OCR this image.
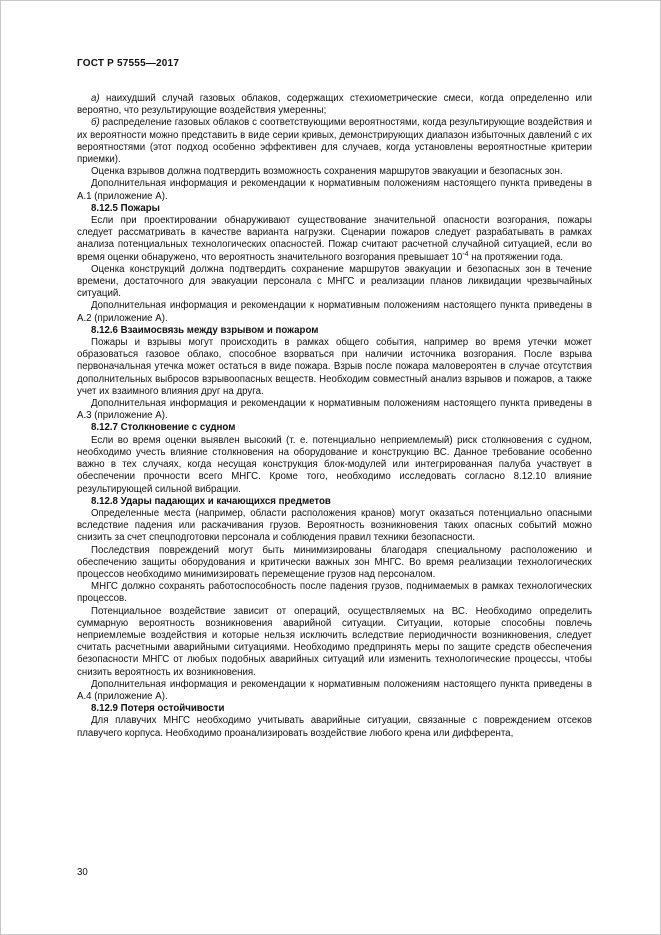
ГОСТ Р 57555—2017

а) наихудший случай газовых облаков, содержащих стехиометрические смеси, когда определенно или вероятно, что результирующие воздействия умеренны;

б) распределение газовых облаков с соответствующими вероятностями, когда результирующие воздействия и их вероятности можно представить в виде серии кривых, демонстрирующих диапазон избыточных давлений с их вероятностями (этот подход особенно эффективен для случаев, когда установлены вероятностные критерии приемки).

Оценка взрывов должна подтвердить возможность сохранения маршрутов эвакуации и безопасных зон.

Дополнительная информация и рекомендации к нормативным положениям настоящего пункта приведены в А.1 (приложение А).

8.12.5 Пожары

Если при проектировании обнаруживают существование значительной опасности возгорания, пожары следует рассматривать в качестве варианта нагрузки. Сценарии пожаров следует разрабатывать в рамках анализа потенциальных технологических опасностей. Пожар считают расчетной случайной ситуацией, если во время оценки обнаружено, что вероятность значительного возгорания превышает $10^{-4}$ на протяжении года.

Оценка конструкций должна подтвердить сохранение маршрутов эвакуации и безопасных зон в течение времени, достаточного для эвакуации персонала с МНГС и реализации планов ликвидации чрезвычайных ситуаций.

Дополнительная информация и рекомендации к нормативным положениям настоящего пункта приведены в А.2 (приложение А).

8.12.6 Взаимосвязь между взрывом и пожаром

Пожары и взрывы могут происходить в рамках общего события, например во время утечки может образоваться газовое облако, способное взорваться при наличии источника возгорания. После взрыва первоначальная утечка может остаться в виде пожара. Взрыв после пожара маловероятен в случае отсутствия дополнительных выбросов взрывоопасных веществ. Необходим совместный анализ взрывов и пожаров, а также учет их взаимного влияния друг на друга.

Дополнительная информация и рекомендации к нормативным положениям настоящего пункта приведены в А.3 (приложение А).

8.12.7 Столкновение с судном

Если во время оценки выявлен высокий (т. е. потенциально неприемлемый) риск столкновения с судном, необходимо учесть влияние столкновения на оборудование и конструкцию ВС. Данное требование особенно важно в тех случаях, когда несущая конструкция блок-модулей или интегрированная палуба участвует в обеспечении прочности всего МНГС. Кроме того, необходимо исследовать согласно 8.12.10 влияние результирующей сильной вибрации.

8.12.8 Удары падающих и качающихся предметов

Определенные места (например, области расположения кранов) могут оказаться потенциально опасными вследствие падения или раскачивания грузов. Вероятность возникновения таких опасных событий можно снизить за счет спецподготовки персонала и соблюдения правил техники безопасности.

Последствия повреждений могут быть минимизированы благодаря специальному расположению и обеспечению защиты оборудования и критически важных зон МНГС. Во время реализации технологических процессов необходимо минимизировать перемещение грузов над персоналом.

МНГС должно сохранять работоспособность после падения грузов, поднимаемых в рамках технологических процессов.

Потенциальное воздействие зависит от операций, осуществляемых на ВС. Необходимо определить суммарную вероятность возникновения аварийной ситуации. Ситуации, которые способны повлечь неприемлемые воздействия и которые нельзя исключить вследствие периодичности возникновения, следует считать расчетными аварийными ситуациями. Необходимо предпринять меры по защите средств обеспечения безопасности МНГС от любых подобных аварийных ситуаций или изменить технологические процессы, чтобы снизить вероятность их возникновения.

Дополнительная информация и рекомендации к нормативным положениям настоящего пункта приведены в А.4 (приложение А).

8.12.9 Потеря остойчивости

Для плавучих МНГС необходимо учитывать аварийные ситуации, связанные с повреждением отсеков плавучего корпуса. Необходимо проанализировать воздействие любого крена или дифферента,

30
